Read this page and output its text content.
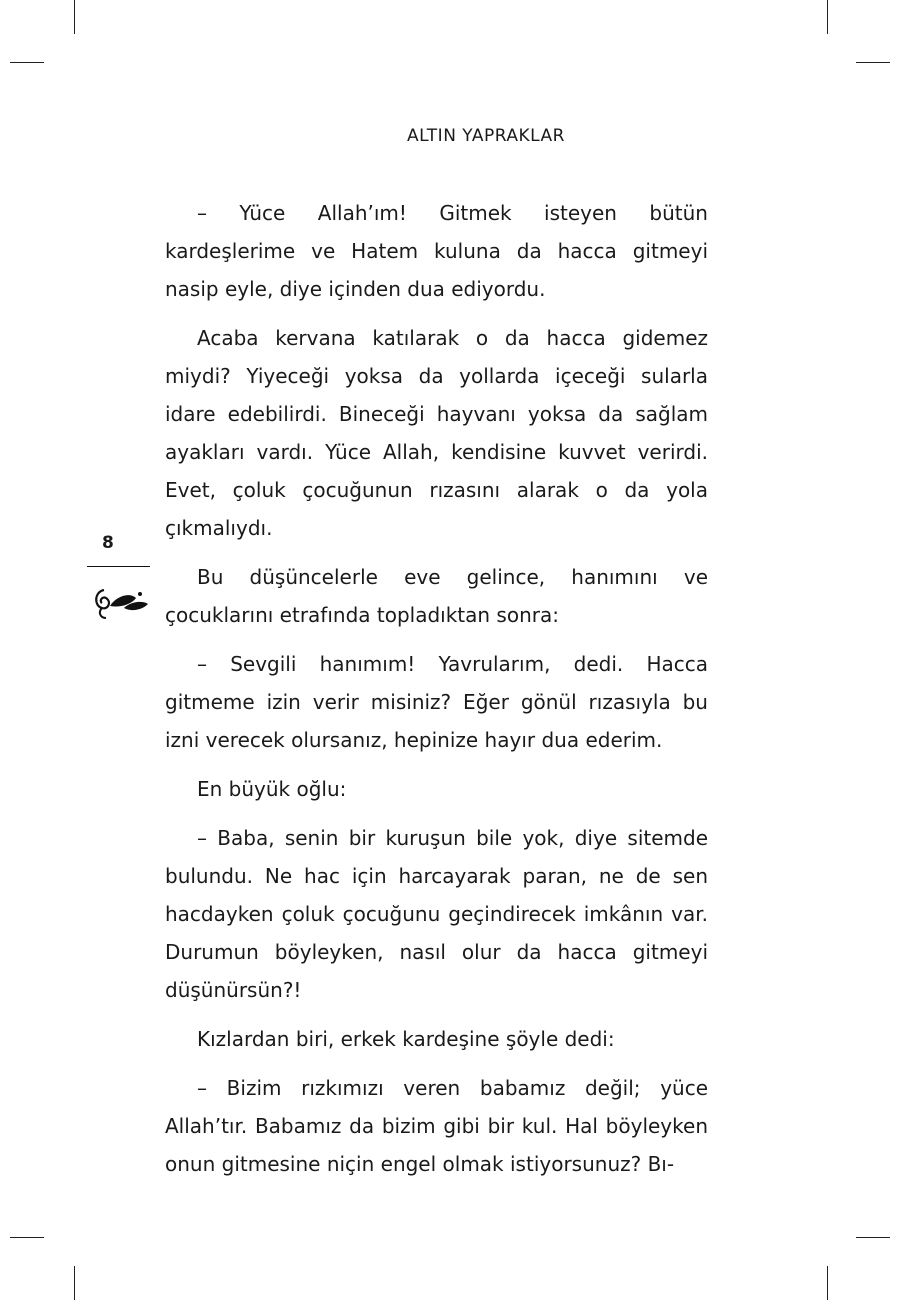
ALTIN YAPRAKLAR
8

– Yüce Allah’ım! Gitmek isteyen bütün kardeşlerime ve Hatem kuluna da hacca gitmeyi nasip eyle, diye içinden dua ediyordu.

Acaba kervana katılarak o da hacca gidemez miydi? Yiyeceği yoksa da yollarda içeceği sularla idare edebilirdi. Bineceği hayvanı yoksa da sağlam ayakları vardı. Yüce Allah, kendisine kuvvet verirdi. Evet, çoluk çocuğunun rızasını alarak o da yola çıkmalıydı.

Bu düşüncelerle eve gelince, hanımını ve çocuklarını etrafında topladıktan sonra:

– Sevgili hanımım! Yavrularım, dedi. Hacca gitmeme izin verir misiniz? Eğer gönül rızasıyla bu izni verecek olursanız, hepinize hayır dua ederim.

En büyük oğlu:

– Baba, senin bir kuruşun bile yok, diye sitemde bulundu. Ne hac için harcayarak paran, ne de sen hacdayken çoluk çocuğunu geçindirecek imkânın var. Durumun böyleyken, nasıl olur da hacca gitmeyi düşünürsün?!

Kızlardan biri, erkek kardeşine şöyle dedi:

– Bizim rızkımızı veren babamız değil; yüce Allah’tır. Babamız da bizim gibi bir kul. Hal böyleyken onun gitmesine niçin engel olmak istiyorsunuz? Bı-
